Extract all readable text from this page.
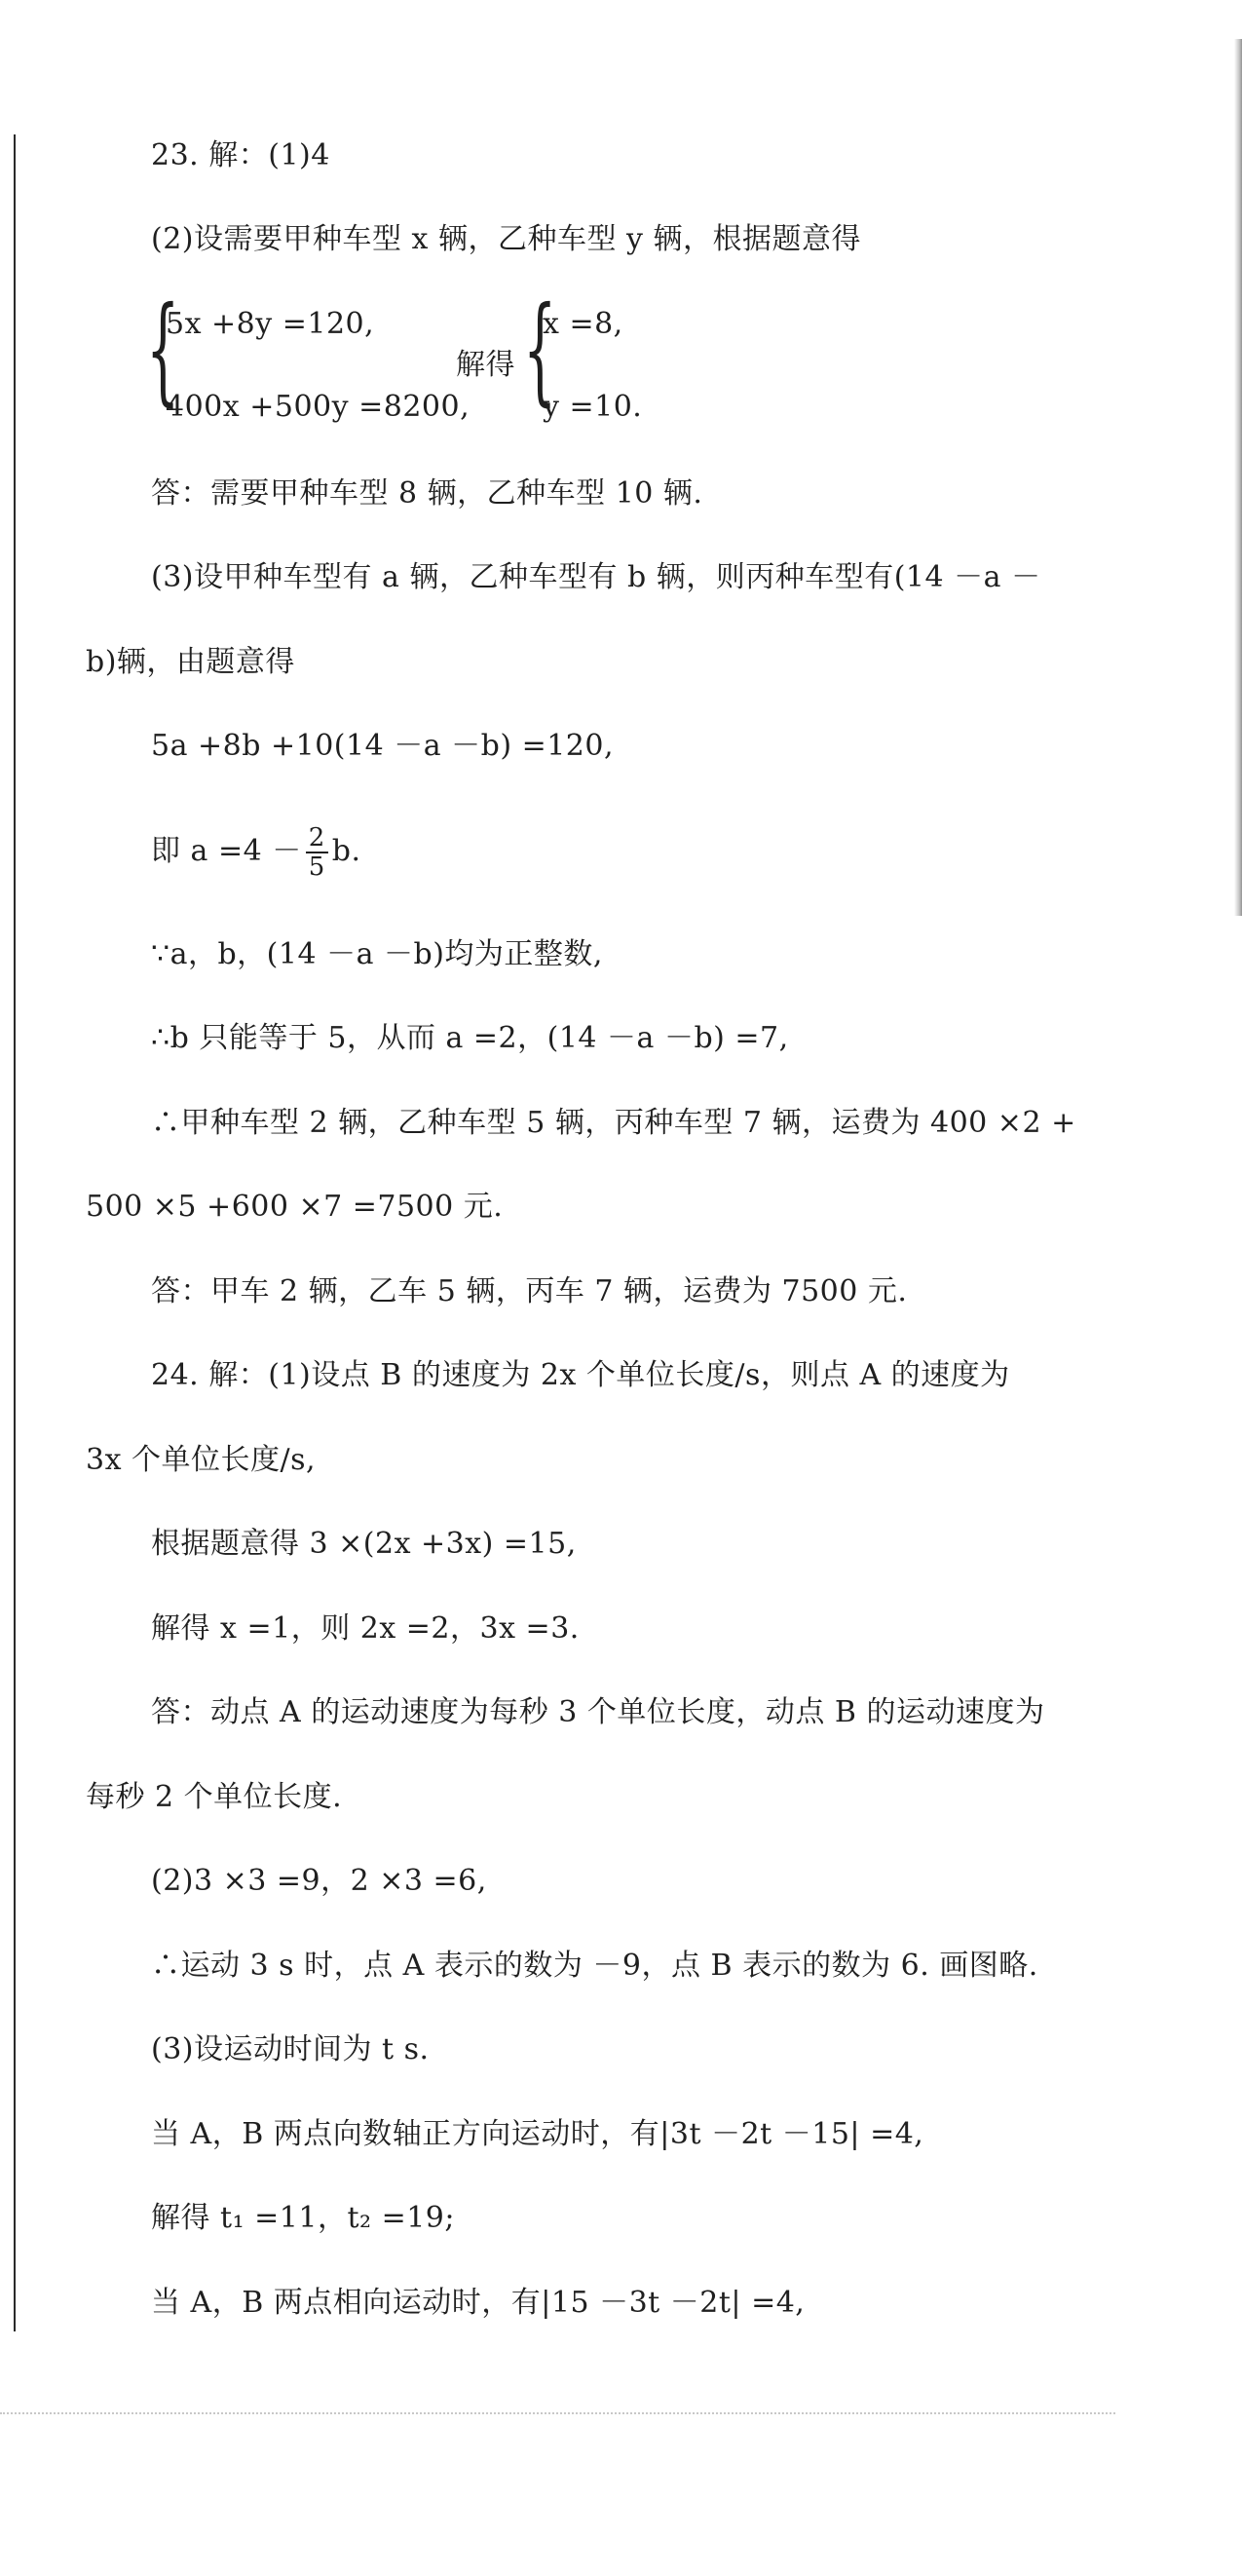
23. 解：(1)4
(2)设需要甲种车型 x 辆，乙种车型 y 辆，根据题意得
{
5x +8y =120,
400x +500y =8200,
解得 {
x =8,
y =10.
答：需要甲种车型 8 辆，乙种车型 10 辆.
(3)设甲种车型有 a 辆，乙种车型有 b 辆，则丙种车型有(14 －a －
b)辆，由题意得
5a +8b +10(14 －a －b) =120,
即 $a =4 - \frac{2}{5} b$.
∵a，b，(14 －a －b)均为正整数,
∴b 只能等于 5，从而 a =2，(14 －a －b) =7,
∴甲种车型 2 辆，乙种车型 5 辆，丙种车型 7 辆，运费为 400 ×2 +
500 ×5 +600 ×7 =7500 元.
答：甲车 2 辆，乙车 5 辆，丙车 7 辆，运费为 7500 元.
24. 解：(1)设点 B 的速度为 2x 个单位长度/s，则点 A 的速度为
3x 个单位长度/s,
根据题意得 3 ×(2x +3x) =15,
解得 x =1，则 2x =2，3x =3.
答：动点 A 的运动速度为每秒 3 个单位长度，动点 B 的运动速度为
每秒 2 个单位长度.
(2)3 ×3 =9，2 ×3 =6,
∴运动 3 s 时，点 A 表示的数为 －9，点 B 表示的数为 6. 画图略.
(3)设运动时间为 t s.
当 A，B 两点向数轴正方向运动时，有|3t －2t －15| =4,
解得 t₁ =11，t₂ =19;
当 A，B 两点相向运动时，有|15 －3t －2t| =4,
